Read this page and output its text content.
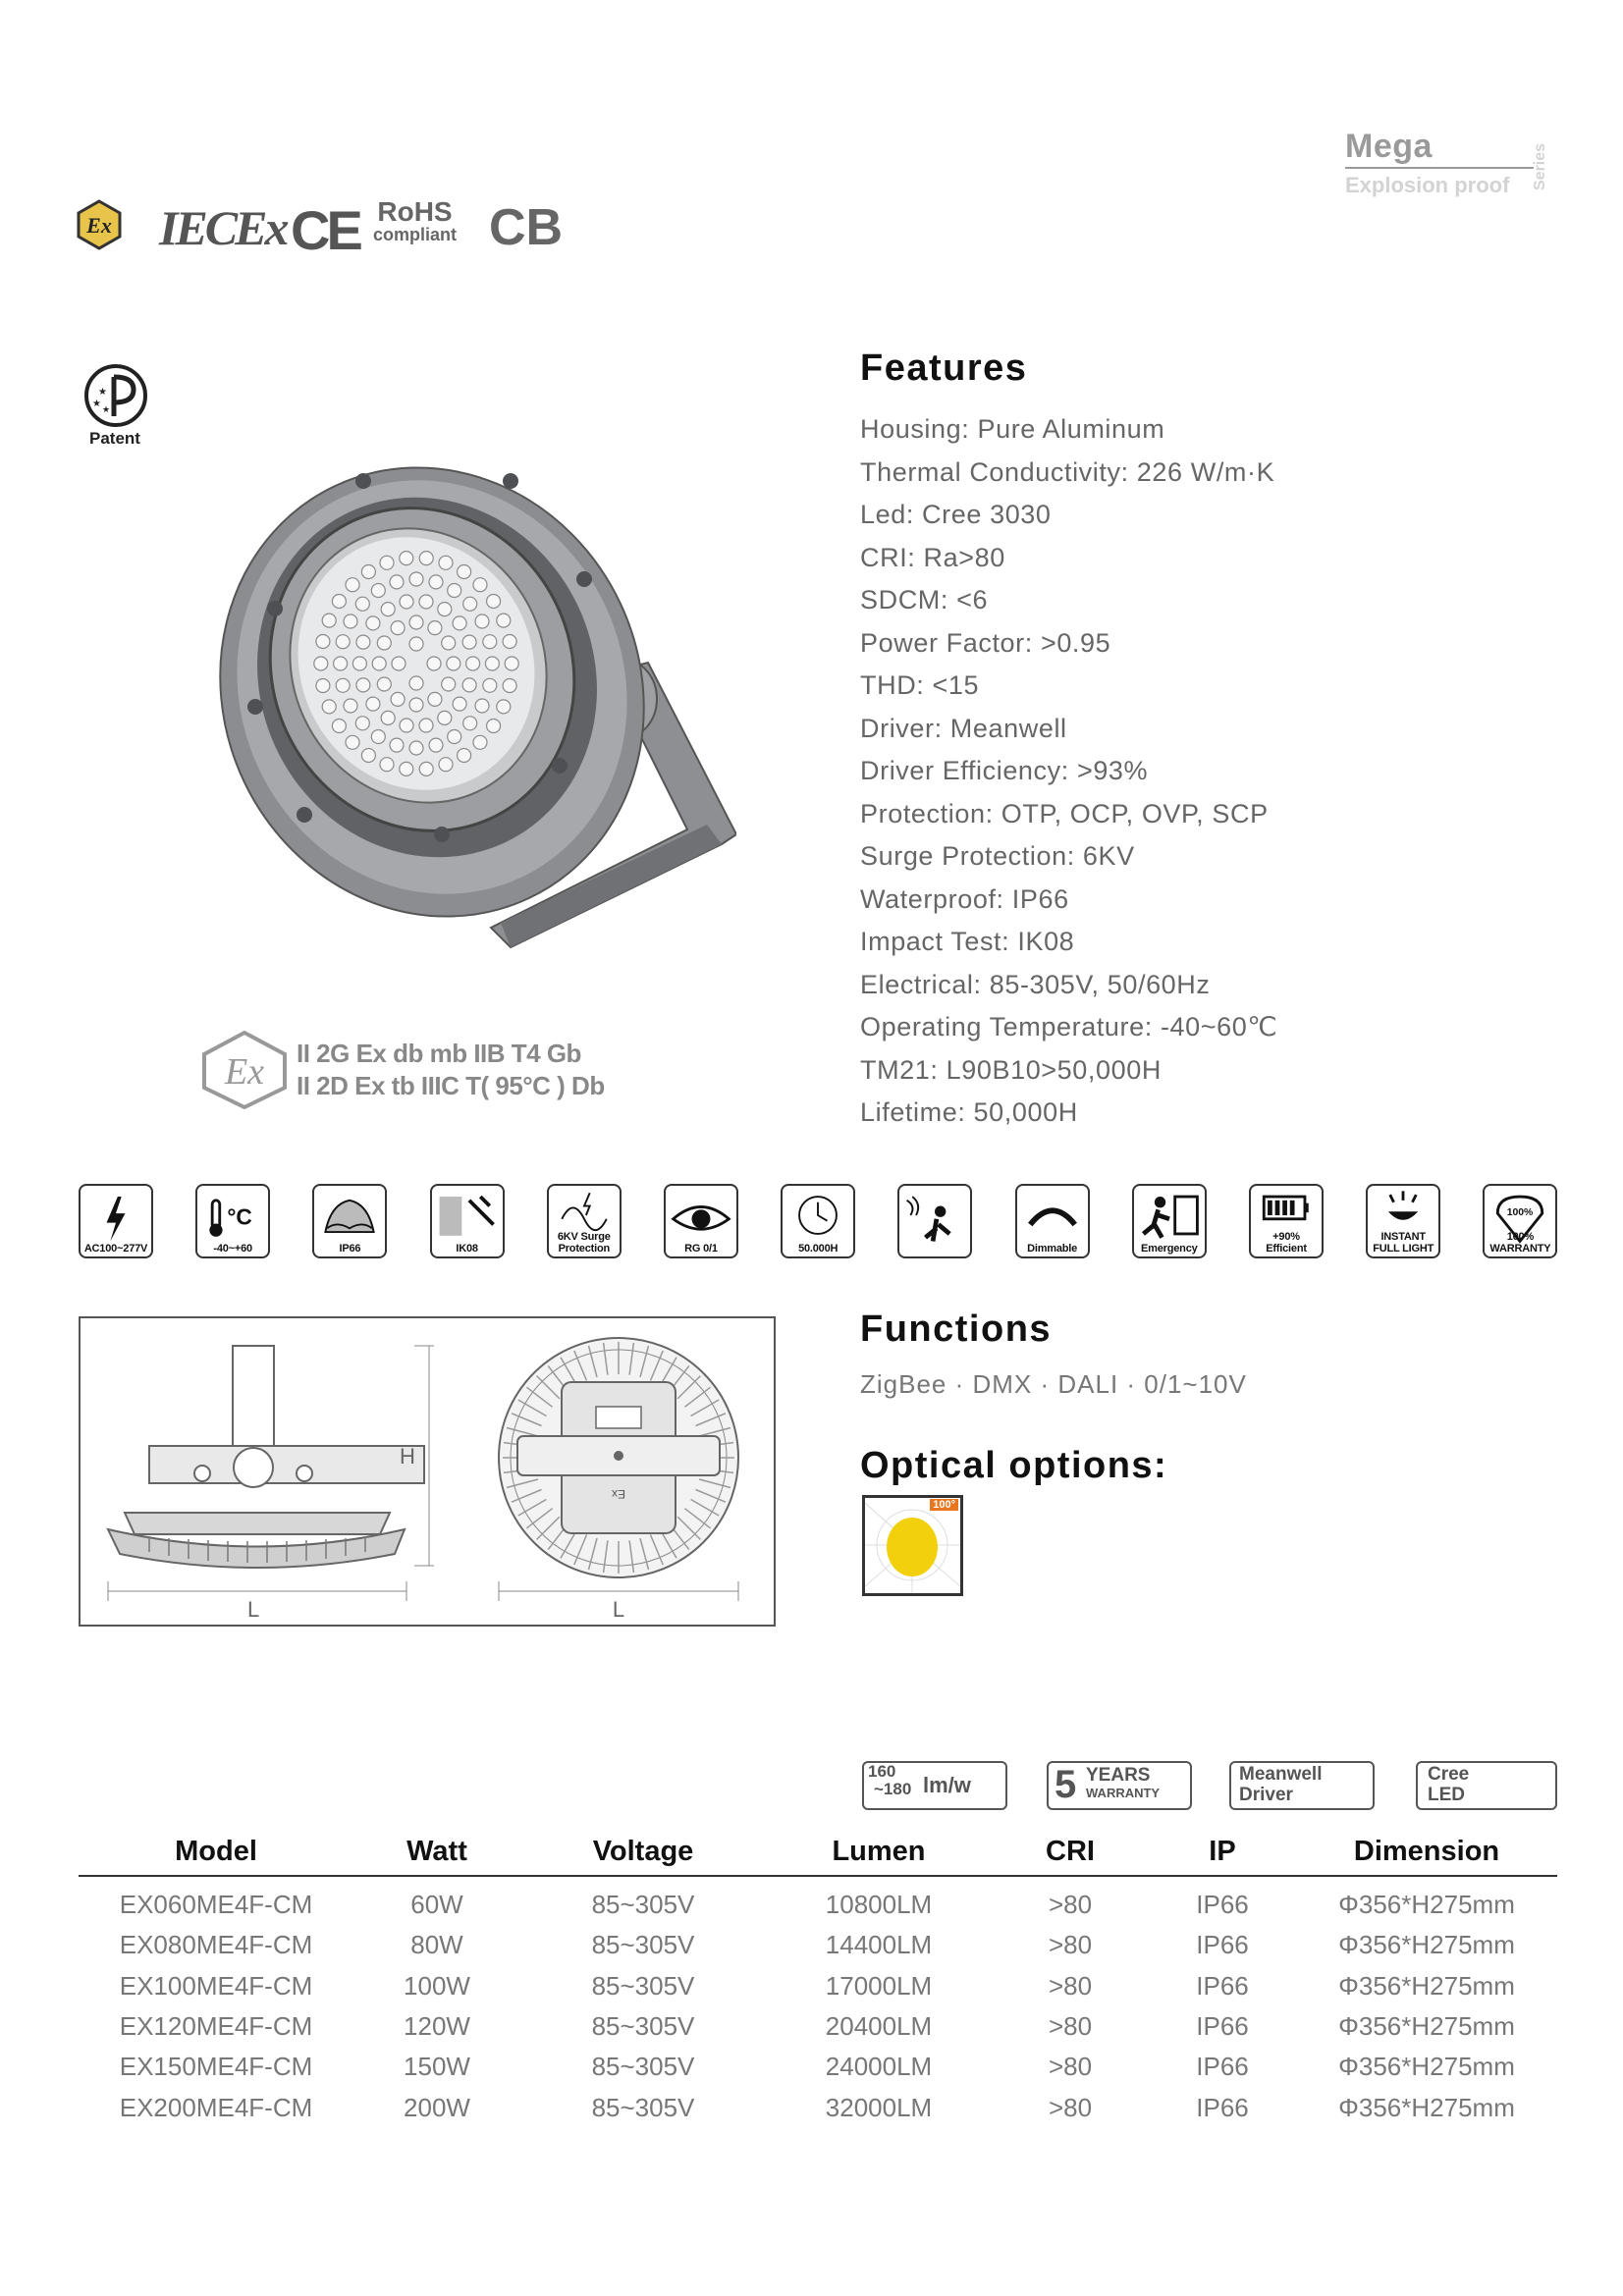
Mega
Explosion proof Series
Ex IECEx CE RoHS
compliant CB
★
★ ★
Patent
Ex II 2G Ex db mb IIB T4 Gb
II 2D Ex tb IIIC T( 95°C ) Db
Features
Housing: Pure Aluminum
Thermal Conductivity: 226 W/m·K
Led: Cree 3030
CRI: Ra>80
SDCM: <6
Power Factor: >0.95
THD: <15
Driver: Meanwell
Driver Efficiency: >93%
Protection: OTP, OCP, OVP, SCP
Surge Protection: 6KV
Waterproof: IP66
Impact Test: IK08
Electrical: 85-305V, 50/60Hz
Operating Temperature: -40~60℃
TM21: L90B10>50,000H
Lifetime: 50,000H
AC100~277V
°C
-40~+60	IP66	IK08
6KV Surge Protection	RG 0/1	50.000H	Dimmable	Emergency
+90% Efficient
INSTANT FULL LIGHT
100%
100% WARRANTY
Ex
H
L	L
Functions
ZigBee · DMX · DALI · 0/1~10V
Optical options:
100°
160
~180 lm/w 5 YEARS
WARRANTY
Meanwell
Driver
Cree
LED
Model	Watt	Voltage	Lumen	CRI	IP	Dimension
EX060ME4F-CM	60W	85~305V	10800LM	>80	IP66	Φ356*H275mm
EX080ME4F-CM	80W	85~305V	14400LM	>80	IP66	Φ356*H275mm
EX100ME4F-CM	100W	85~305V	17000LM	>80	IP66	Φ356*H275mm
EX120ME4F-CM	120W	85~305V	20400LM	>80	IP66	Φ356*H275mm
EX150ME4F-CM	150W	85~305V	24000LM	>80	IP66	Φ356*H275mm
EX200ME4F-CM	200W	85~305V	32000LM	>80	IP66	Φ356*H275mm
